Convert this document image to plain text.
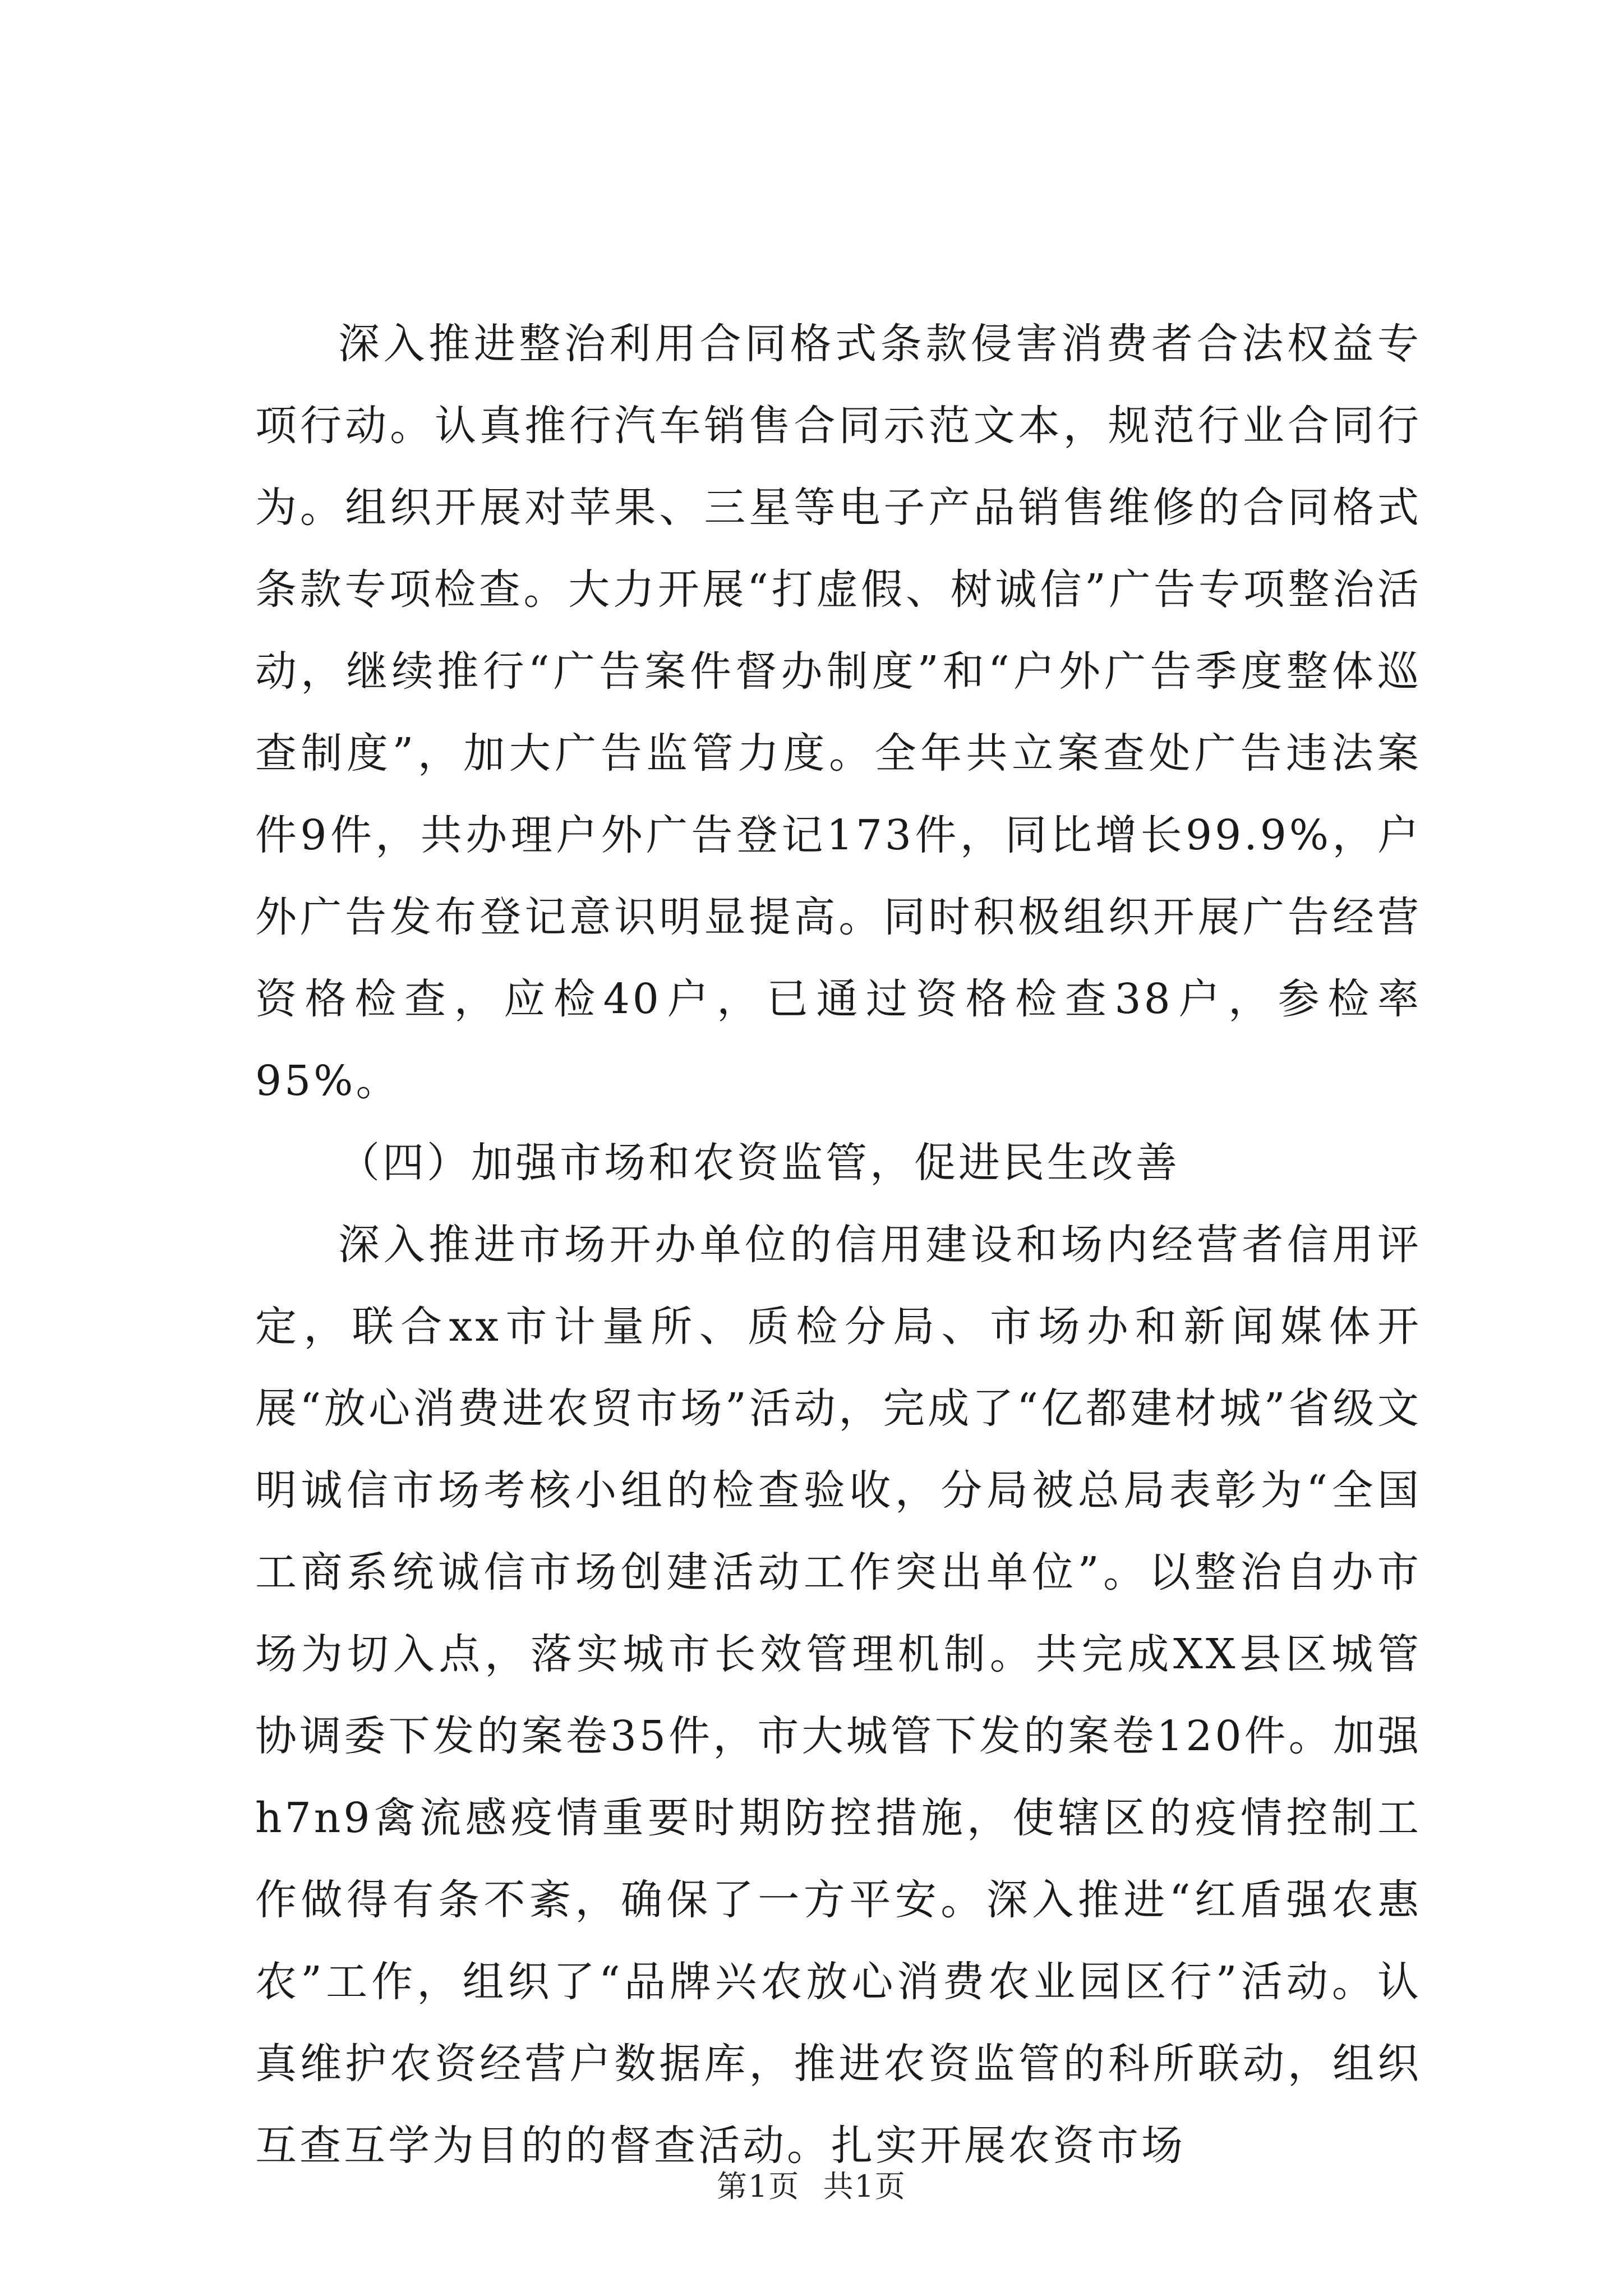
深入推进整治利用合同格式条款侵害消费者合法权益专项行动。认真推行汽车销售合同示范文本，规范行业合同行为。组织开展对苹果、三星等电子产品销售维修的合同格式条款专项检查。大力开展“打虚假、树诚信”广告专项整治活动，继续推行“广告案件督办制度”和“户外广告季度整体巡查制度”，加大广告监管力度。全年共立案查处广告违法案件9件，共办理户外广告登记173件，同比增长99.9%，户外广告发布登记意识明显提高。同时积极组织开展广告经营资格检查，应检40户，已通过资格检查38户，参检率95%。

（四）加强市场和农资监管，促进民生改善

深入推进市场开办单位的信用建设和场内经营者信用评定，联合xx市计量所、质检分局、市场办和新闻媒体开展“放心消费进农贸市场”活动，完成了“亿都建材城”省级文明诚信市场考核小组的检查验收，分局被总局表彰为“全国工商系统诚信市场创建活动工作突出单位”。以整治自办市场为切入点，落实城市长效管理机制。共完成XX县区城管协调委下发的案卷35件，市大城管下发的案卷120件。加强h7n9禽流感疫情重要时期防控措施，使辖区的疫情控制工作做得有条不紊，确保了一方平安。深入推进“红盾强农惠农”工作，组织了“品牌兴农放心消费农业园区行”活动。认真维护农资经营户数据库，推进农资监管的科所联动，组织互查互学为目的的督查活动。扎实开展农资市场

第1页 共1页
